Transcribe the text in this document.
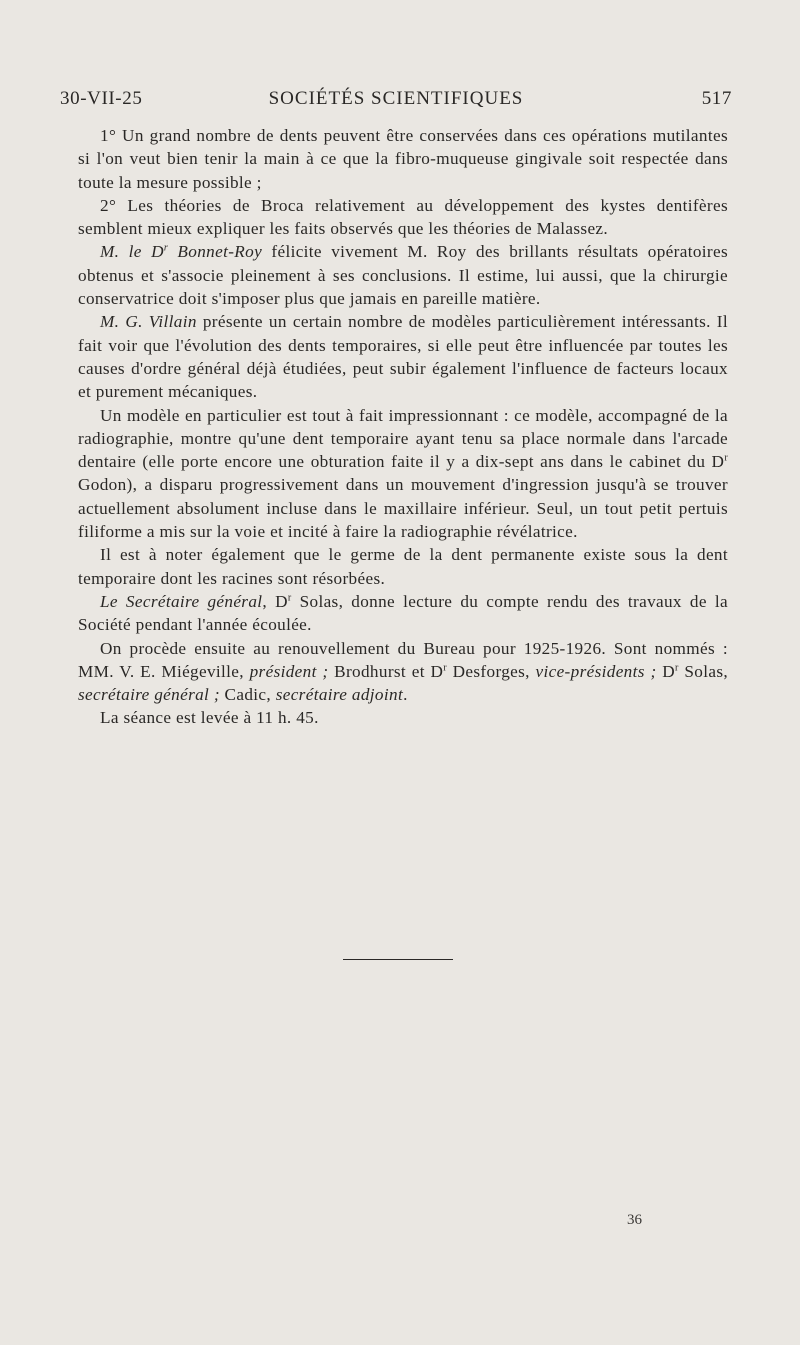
30-VII-25	SOCIÉTÉS SCIENTIFIQUES	517

1° Un grand nombre de dents peuvent être conservées dans ces opérations mutilantes si l'on veut bien tenir la main à ce que la fibro-muqueuse gingivale soit respectée dans toute la mesure possible ;

2° Les théories de Broca relativement au développement des kystes dentifères semblent mieux expliquer les faits observés que les théories de Malassez.

M. le $D^r$ Bonnet-Roy félicite vivement M. Roy des brillants résultats opératoires obtenus et s'associe pleinement à ses conclusions. Il estime, lui aussi, que la chirurgie conservatrice doit s'imposer plus que jamais en pareille matière.

M. G. Villain présente un certain nombre de modèles particulièrement intéressants. Il fait voir que l'évolution des dents temporaires, si elle peut être influencée par toutes les causes d'ordre général déjà étudiées, peut subir également l'influence de facteurs locaux et purement mécaniques.

Un modèle en particulier est tout à fait impressionnant : ce modèle, accompagné de la radiographie, montre qu'une dent temporaire ayant tenu sa place normale dans l'arcade dentaire (elle porte encore une obturation faite il y a dix-sept ans dans le cabinet du $D^r$ Godon), a disparu progressivement dans un mouvement d'ingression jusqu'à se trouver actuellement absolument incluse dans le maxillaire inférieur. Seul, un tout petit pertuis filiforme a mis sur la voie et incité à faire la radiographie révélatrice.

Il est à noter également que le germe de la dent permanente existe sous la dent temporaire dont les racines sont résorbées.

Le Secrétaire général, $D^r$ Solas, donne lecture du compte rendu des travaux de la Société pendant l'année écoulée.

On procède ensuite au renouvellement du Bureau pour 1925-1926. Sont nommés : MM. V. E. Miégeville, président ; Brodhurst et $D^r$ Desforges, vice-présidents ; $D^r$ Solas, secrétaire général ; Cadic, secrétaire adjoint.

La séance est levée à 11 h. 45.

36
